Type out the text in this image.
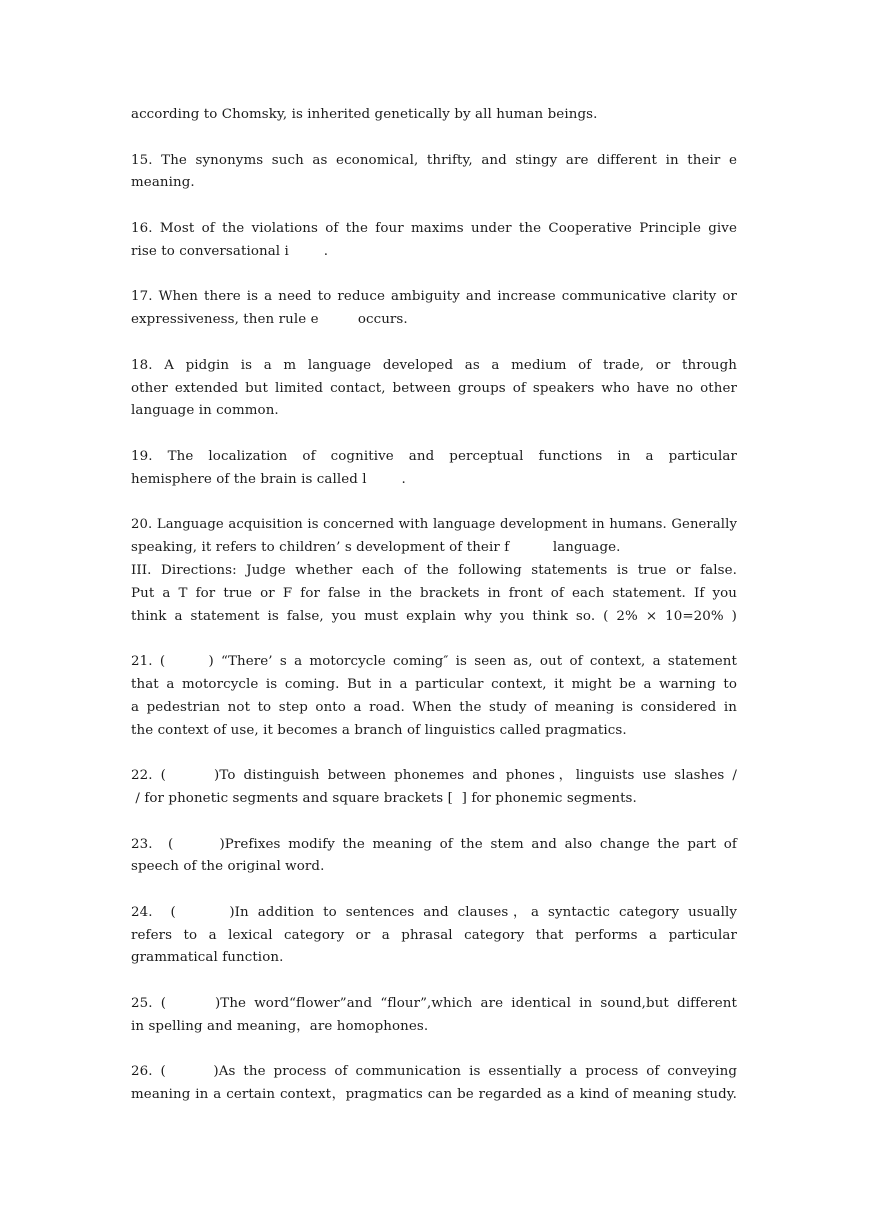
according to Chomsky, is inherited genetically by all human beings.
15. The synonyms such as economical, thrifty, and stingy are different in their e
meaning.
16. Most of the violations of the four maxims under the Cooperative Principle give
rise to conversational i        .
17. When there is a need to reduce ambiguity and increase communicative clarity or
expressiveness, then rule e         occurs.
18. A pidgin is a m language developed as a medium of trade, or through
other extended but limited contact, between groups of speakers who have no other
language in common.
19. The localization of cognitive and perceptual functions in a particular
hemisphere of the brain is called l        .
20. Language acquisition is concerned with language development in humans. Generally
speaking, it refers to children’ s development of their f          language.
III. Directions: Judge whether each of the following statements is true or false.
Put a T for true or F for false in the brackets in front of each statement. If you
think a statement is false, you must explain why you think so. ( 2% × 10=20% )
21. (      ) “There’ s a motorcycle coming″ is seen as, out of context, a statement
that a motorcycle is coming. But in a particular context, it might be a warning to
a pedestrian not to step onto a road. When the study of meaning is considered in
the context of use, it becomes a branch of linguistics called pragmatics.
22. (      )To distinguish between phonemes and phones，linguists use slashes /
/ for phonetic segments and square brackets [  ] for phonemic segments.
23.  (      )Prefixes modify the meaning of the stem and also change the part of
speech of the original word.
24.  (      )In addition to sentences and clauses，a syntactic category usually
refers to a lexical category or a phrasal category that performs a particular
grammatical function.
25. (      )The word“flower”and “flour”,which are identical in sound,but different
in spelling and meaning，are homophones.
26. (      )As the process of communication is essentially a process of conveying
meaning in a certain context，pragmatics can be regarded as a kind of meaning study.
